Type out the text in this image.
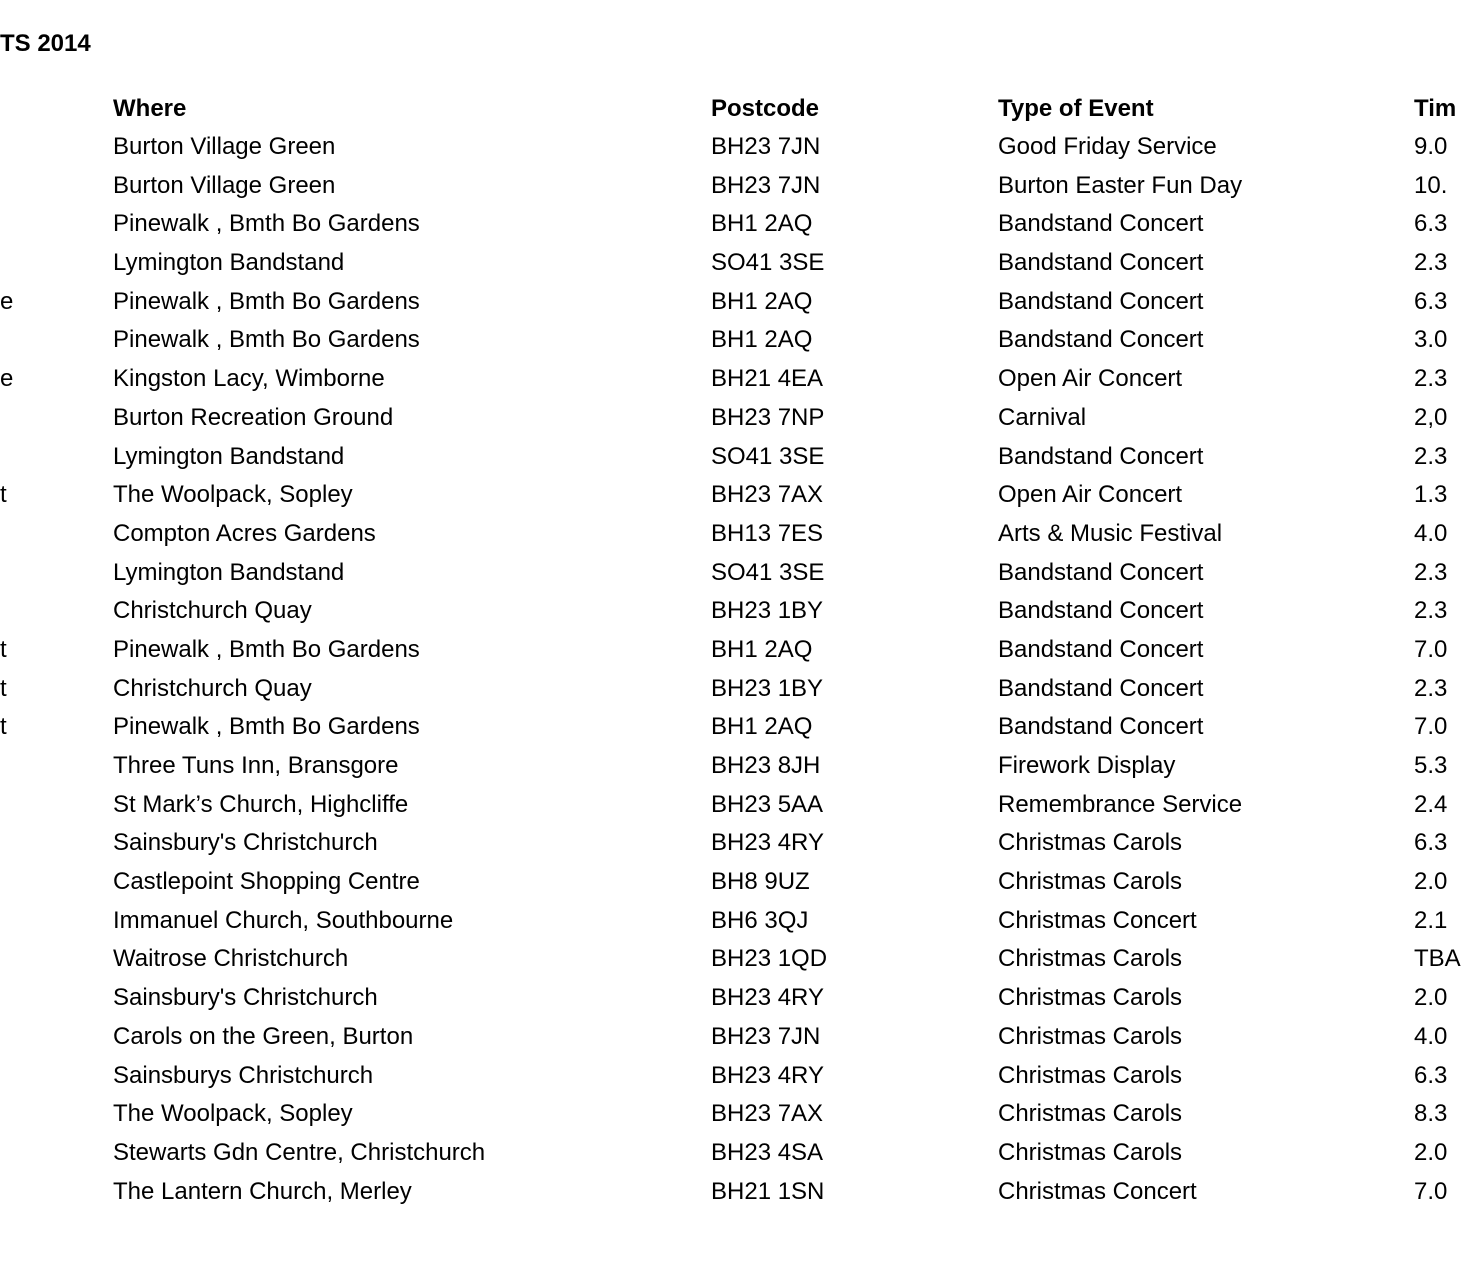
TS 2014
Where	Postcode	Type of Event	Tim
Burton Village Green	BH23 7JN	Good Friday Service	9.0
Burton Village Green	BH23 7JN	Burton Easter Fun Day	10.
Pinewalk , Bmth Bo Gardens	BH1 2AQ	Bandstand Concert	6.3
Lymington Bandstand	SO41 3SE	Bandstand Concert	2.3
e	Pinewalk , Bmth Bo Gardens	BH1 2AQ	Bandstand Concert	6.3
Pinewalk , Bmth Bo Gardens	BH1 2AQ	Bandstand Concert	3.0
e	Kingston Lacy, Wimborne	BH21 4EA	Open Air Concert	2.3
Burton Recreation Ground	BH23 7NP	Carnival	2,0
Lymington Bandstand	SO41 3SE	Bandstand Concert	2.3
t	The Woolpack, Sopley	BH23 7AX	Open Air Concert	1.3
Compton Acres Gardens	BH13 7ES	Arts & Music Festival	4.0
Lymington Bandstand	SO41 3SE	Bandstand Concert	2.3
Christchurch Quay	BH23 1BY	Bandstand Concert	2.3
t	Pinewalk , Bmth Bo Gardens	BH1 2AQ	Bandstand Concert	7.0
t	Christchurch Quay	BH23 1BY	Bandstand Concert	2.3
t	Pinewalk , Bmth Bo Gardens	BH1 2AQ	Bandstand Concert	7.0
Three Tuns Inn, Bransgore	BH23 8JH	Firework Display	5.3
St Mark’s Church, Highcliffe	BH23 5AA	Remembrance Service	2.4
Sainsbury's Christchurch	BH23 4RY	Christmas Carols	6.3
Castlepoint Shopping Centre	BH8 9UZ	Christmas Carols	2.0
Immanuel Church, Southbourne	BH6 3QJ	Christmas Concert	2.1
Waitrose Christchurch	BH23 1QD	Christmas Carols	TBA
Sainsbury's Christchurch	BH23 4RY	Christmas Carols	2.0
Carols on the Green, Burton	BH23 7JN	Christmas Carols	4.0
Sainsburys Christchurch	BH23 4RY	Christmas Carols	6.3
The Woolpack, Sopley	BH23 7AX	Christmas Carols	8.3
Stewarts Gdn Centre, Christchurch	BH23 4SA	Christmas Carols	2.0
The Lantern Church, Merley	BH21 1SN	Christmas Concert	7.0
